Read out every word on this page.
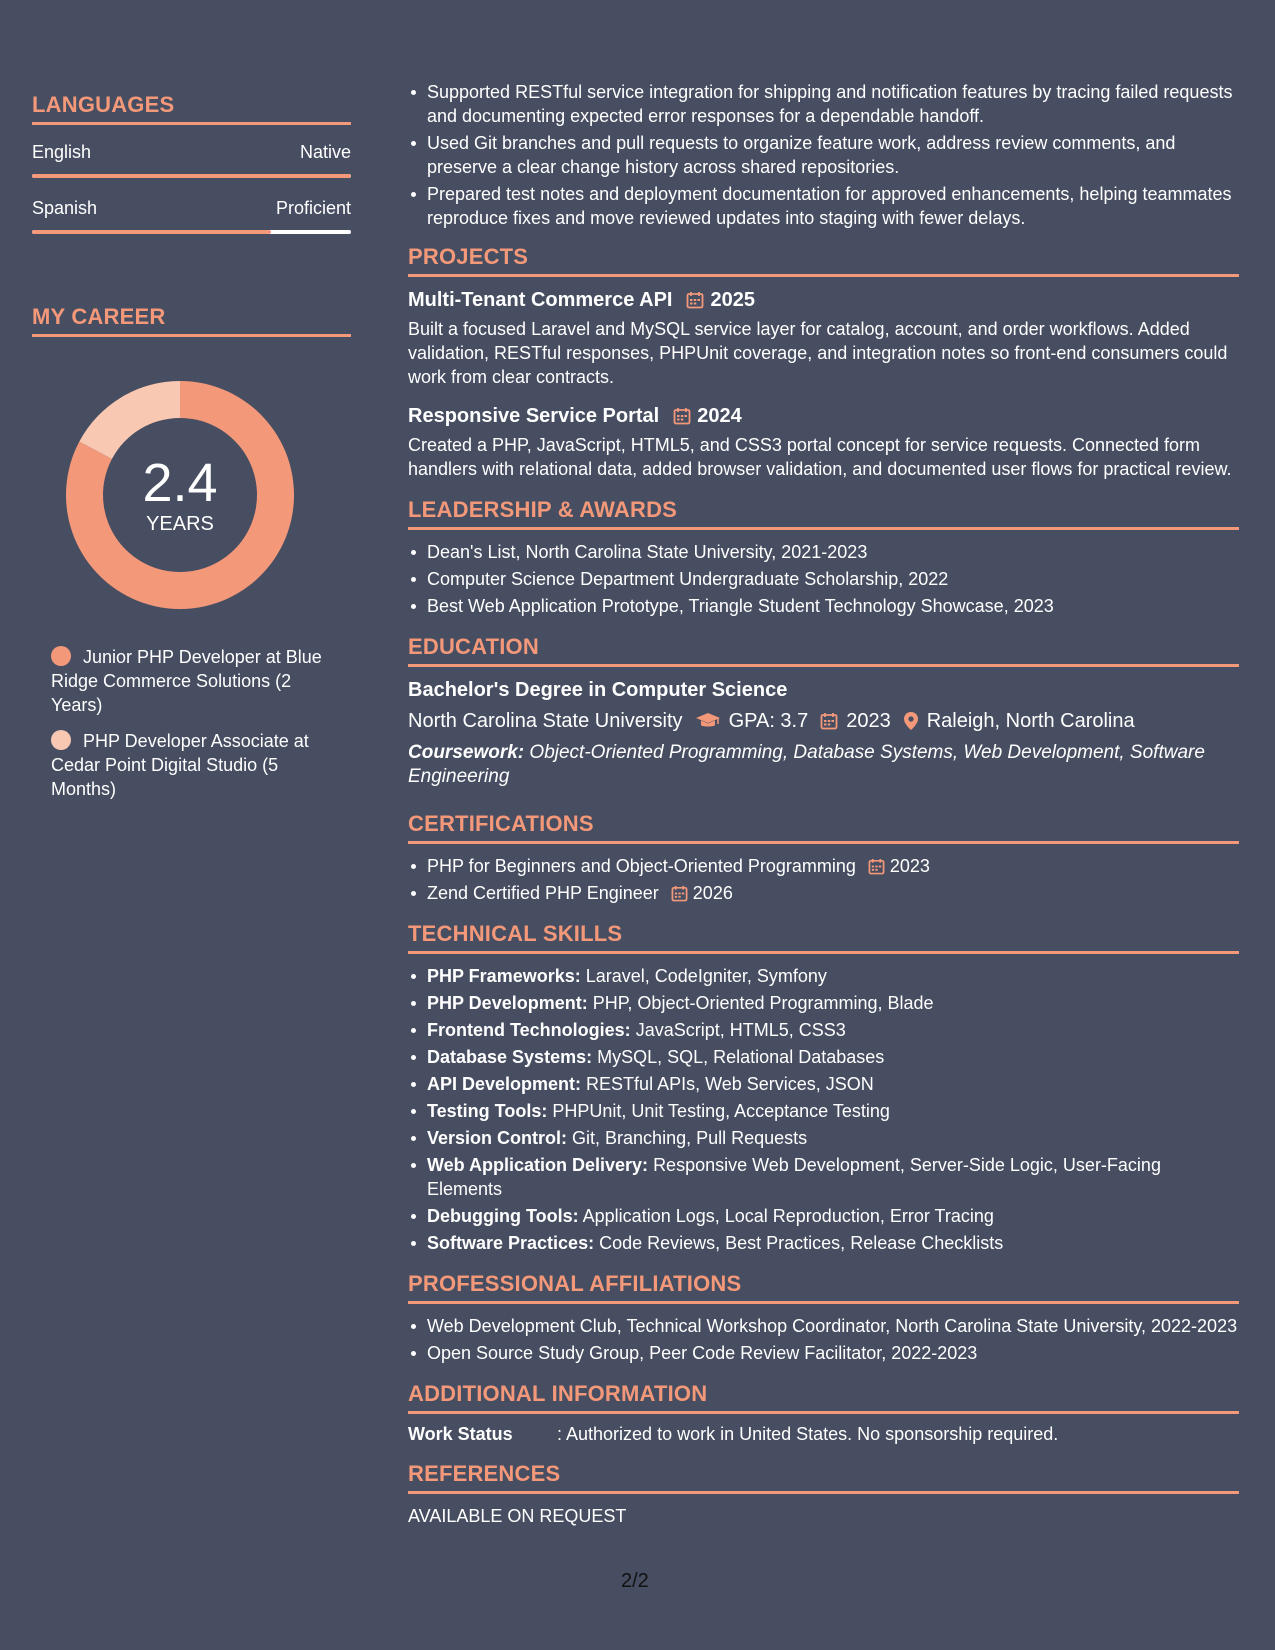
LANGUAGES
English	Native
Spanish	Proficient
MY CAREER
2.4
YEARS
Junior PHP Developer at Blue Ridge Commerce Solutions (2 Years)
PHP Developer Associate at Cedar Point Digital Studio (5 Months)
Supported RESTful service integration for shipping and notification features by tracing failed requests and documenting expected error responses for a dependable handoff.
Used Git branches and pull requests to organize feature work, address review comments, and preserve a clear change history across shared repositories.
Prepared test notes and deployment documentation for approved enhancements, helping teammates reproduce fixes and move reviewed updates into staging with fewer delays.
PROJECTS
Multi-Tenant Commerce API 2025
Built a focused Laravel and MySQL service layer for catalog, account, and order workflows. Added validation, RESTful responses, PHPUnit coverage, and integration notes so front-end consumers could work from clear contracts.
Responsive Service Portal 2024
Created a PHP, JavaScript, HTML5, and CSS3 portal concept for service requests. Connected form handlers with relational data, added browser validation, and documented user flows for practical review.
LEADERSHIP & AWARDS
Dean's List, North Carolina State University, 2021-2023
Computer Science Department Undergraduate Scholarship, 2022
Best Web Application Prototype, Triangle Student Technology Showcase, 2023
EDUCATION
Bachelor's Degree in Computer Science
North Carolina State University GPA: 3.7 2023 Raleigh, North Carolina
Coursework: Object-Oriented Programming, Database Systems, Web Development, Software Engineering
CERTIFICATIONS
PHP for Beginners and Object-Oriented Programming 2023
Zend Certified PHP Engineer 2026
TECHNICAL SKILLS
PHP Frameworks: Laravel, CodeIgniter, Symfony
PHP Development: PHP, Object-Oriented Programming, Blade
Frontend Technologies: JavaScript, HTML5, CSS3
Database Systems: MySQL, SQL, Relational Databases
API Development: RESTful APIs, Web Services, JSON
Testing Tools: PHPUnit, Unit Testing, Acceptance Testing
Version Control: Git, Branching, Pull Requests
Web Application Delivery: Responsive Web Development, Server-Side Logic, User-Facing Elements
Debugging Tools: Application Logs, Local Reproduction, Error Tracing
Software Practices: Code Reviews, Best Practices, Release Checklists
PROFESSIONAL AFFILIATIONS
Web Development Club, Technical Workshop Coordinator, North Carolina State University, 2022-2023
Open Source Study Group, Peer Code Review Facilitator, 2022-2023
ADDITIONAL INFORMATION
Work Status	: Authorized to work in United States. No sponsorship required.
REFERENCES
AVAILABLE ON REQUEST
2/2
